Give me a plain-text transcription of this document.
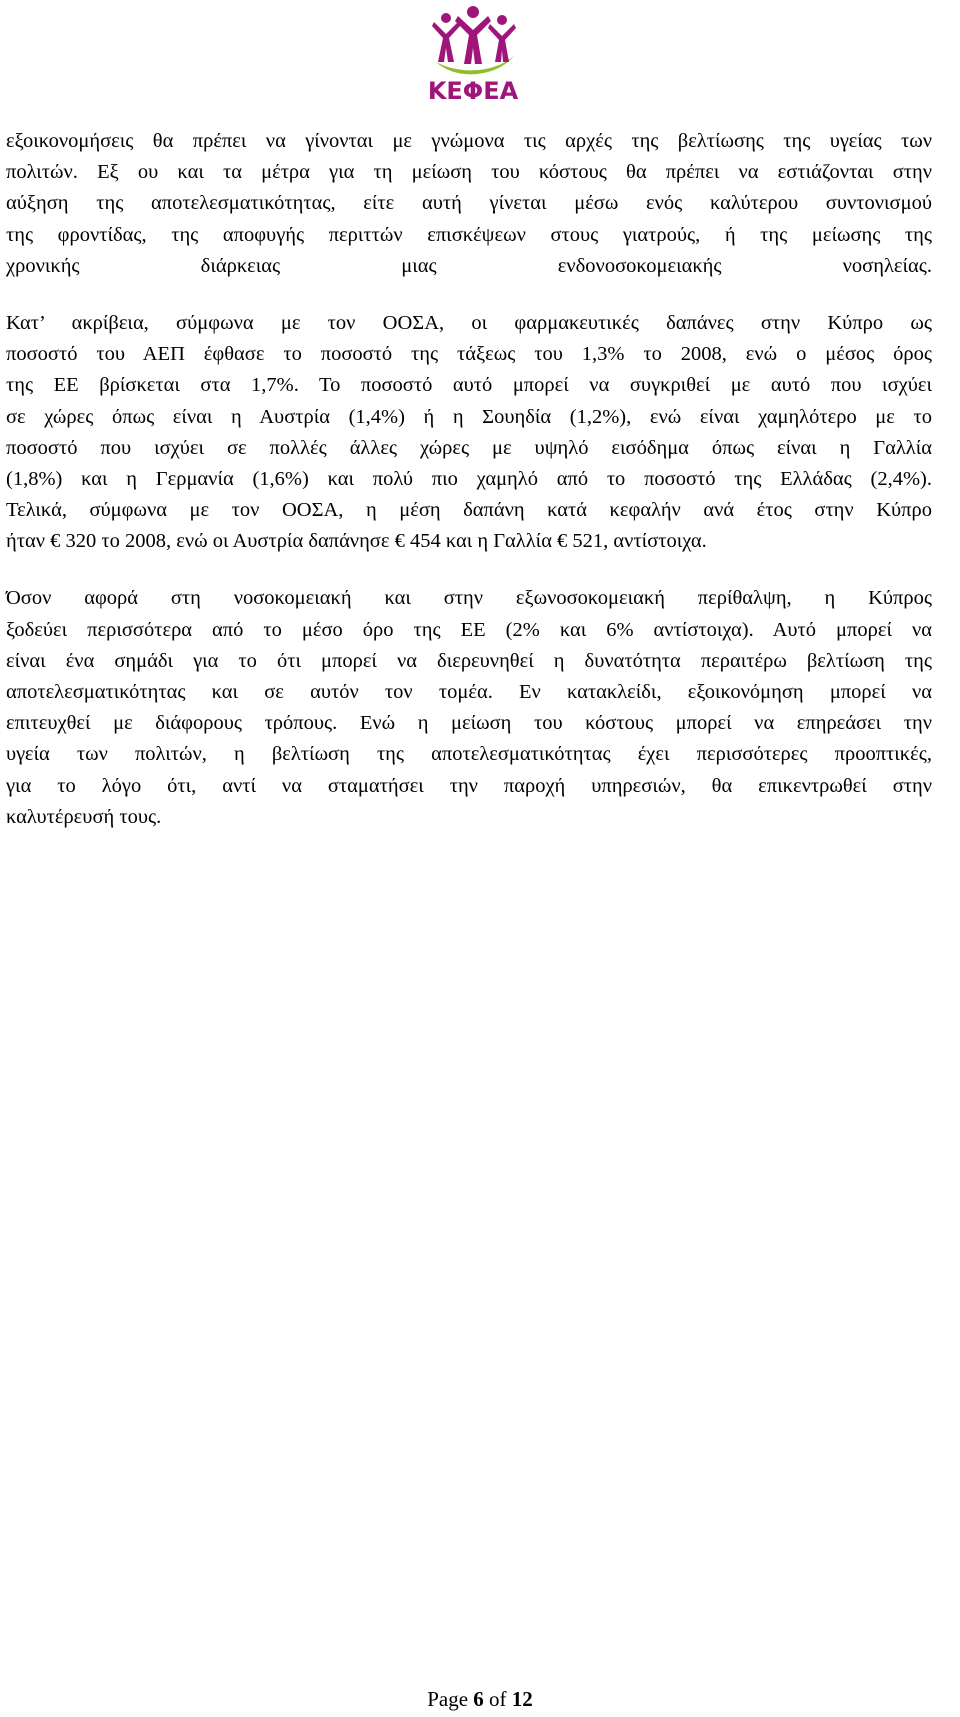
ΚΕΦΕΑ

εξοικονομήσεις θα πρέπει να γίνονται με γνώμονα τις αρχές της βελτίωσης της υγείας των
πολιτών. Εξ ου και τα μέτρα για τη μείωση του κόστους θα πρέπει να εστιάζονται στην
αύξηση της αποτελεσματικότητας, είτε αυτή γίνεται μέσω ενός καλύτερου συντονισμού
της φροντίδας, της αποφυγής περιττών επισκέψεων στους γιατρούς, ή της μείωσης της
χρονικής διάρκειας μιας ενδονοσοκομειακής νοσηλείας.

Κατ’ ακρίβεια, σύμφωνα με τον ΟΟΣΑ, οι φαρμακευτικές δαπάνες στην Κύπρο ως
ποσοστό του ΑΕΠ έφθασε το ποσοστό της τάξεως του 1,3% το 2008, ενώ ο μέσος όρος
της ΕΕ βρίσκεται στα 1,7%. Το ποσοστό αυτό μπορεί να συγκριθεί με αυτό που ισχύει
σε χώρες όπως είναι η Αυστρία (1,4%) ή η Σουηδία (1,2%), ενώ είναι χαμηλότερο με το
ποσοστό που ισχύει σε πολλές άλλες χώρες με υψηλό εισόδημα όπως είναι η Γαλλία
(1,8%) και η Γερμανία (1,6%) και πολύ πιο χαμηλό από το ποσοστό της Ελλάδας (2,4%).
Τελικά, σύμφωνα με τον ΟΟΣΑ, η μέση δαπάνη κατά κεφαλήν ανά έτος στην Κύπρο
ήταν € 320 το 2008, ενώ οι Αυστρία δαπάνησε € 454 και η Γαλλία € 521, αντίστοιχα.

Όσον αφορά στη νοσοκομειακή και στην εξωνοσοκομειακή περίθαλψη, η Κύπρος
ξοδεύει περισσότερα από το μέσο όρο της ΕΕ (2% και 6% αντίστοιχα). Αυτό μπορεί να
είναι ένα σημάδι για το ότι μπορεί να διερευνηθεί η δυνατότητα περαιτέρω βελτίωση της
αποτελεσματικότητας και σε αυτόν τον τομέα. Εν κατακλείδι, εξοικονόμηση μπορεί να
επιτευχθεί με διάφορους τρόπους. Ενώ η μείωση του κόστους μπορεί να επηρεάσει την
υγεία των πολιτών, η βελτίωση της αποτελεσματικότητας έχει περισσότερες προοπτικές,
για το λόγο ότι, αντί να σταματήσει την παροχή υπηρεσιών, θα επικεντρωθεί στην
καλυτέρευσή τους.

Page 6 of 12
